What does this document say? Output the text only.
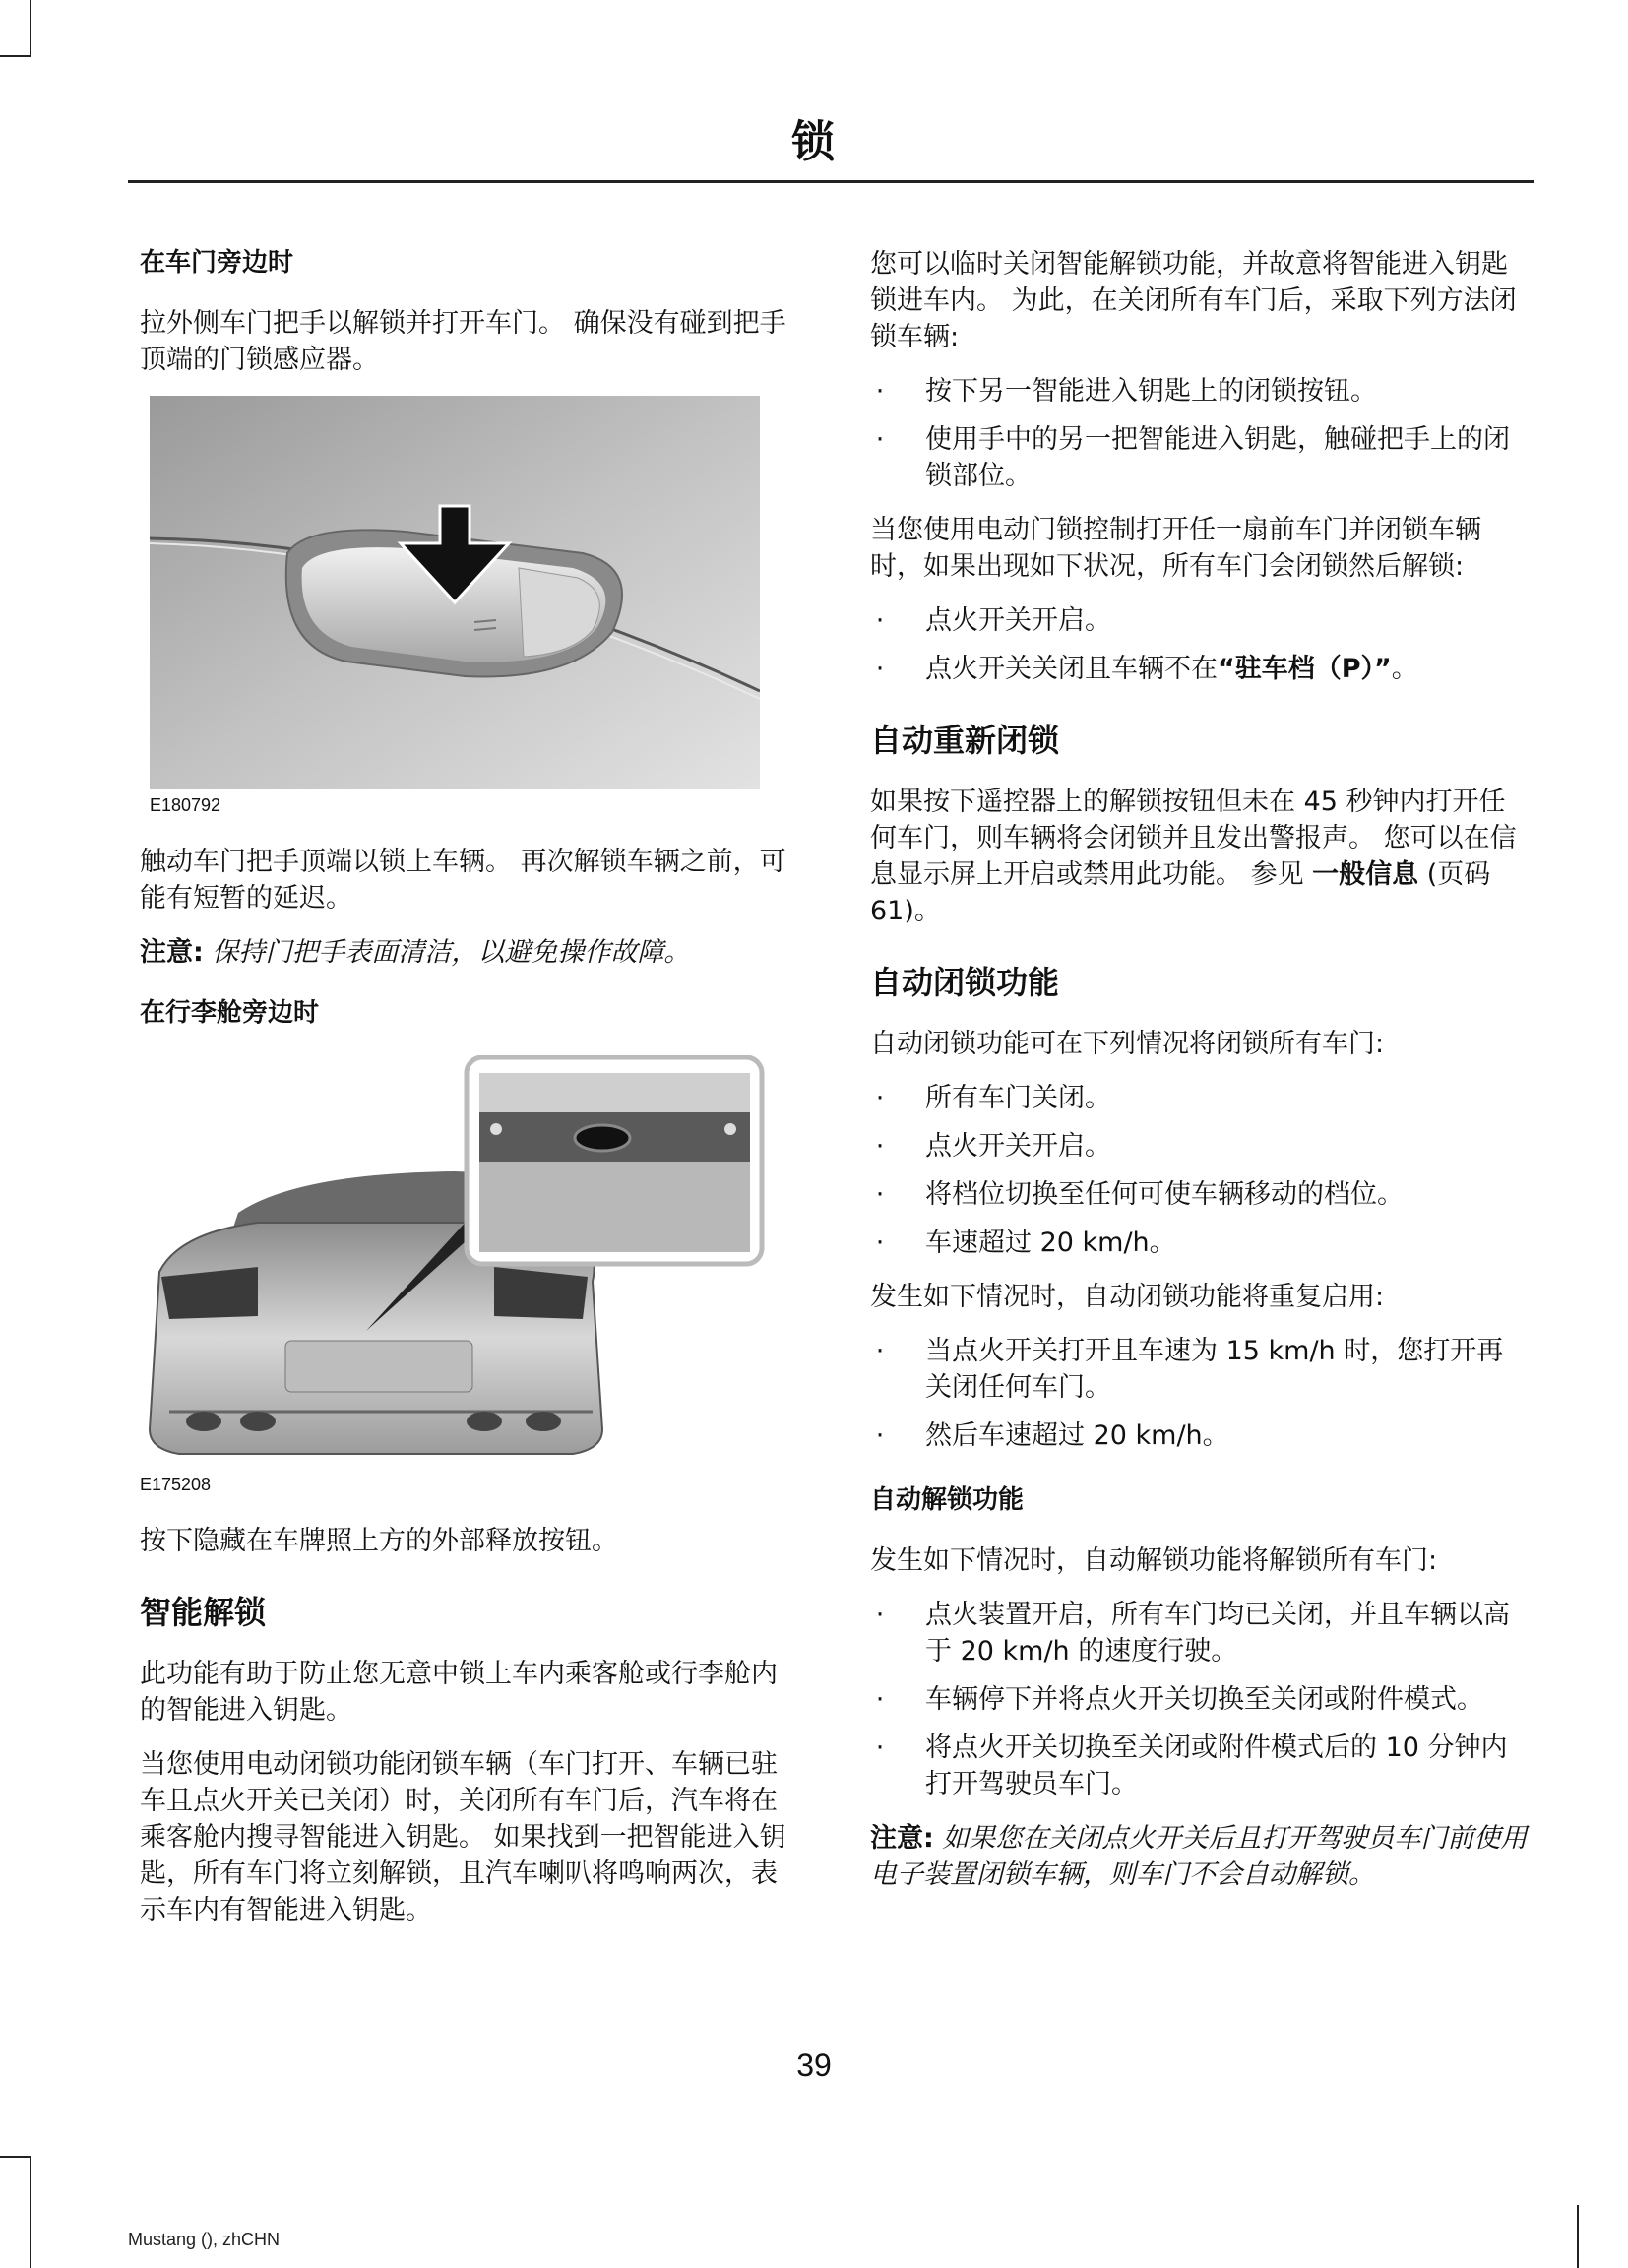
锁
在车门旁边时
拉外侧车门把手以解锁并打开车门。 确保没有碰到把手顶端的门锁感应器。
E180792
触动车门把手顶端以锁上车辆。 再次解锁车辆之前，可能有短暂的延迟。
注意: 保持门把手表面清洁，以避免操作故障。
在行李舱旁边时
E175208
按下隐藏在车牌照上方的外部释放按钮。
智能解锁
此功能有助于防止您无意中锁上车内乘客舱或行李舱内的智能进入钥匙。
当您使用电动闭锁功能闭锁车辆（车门打开、车辆已驻车且点火开关已关闭）时，关闭所有车门后，汽车将在乘客舱内搜寻智能进入钥匙。 如果找到一把智能进入钥匙，所有车门将立刻解锁，且汽车喇叭将鸣响两次，表示车内有智能进入钥匙。
您可以临时关闭智能解锁功能，并故意将智能进入钥匙锁进车内。 为此，在关闭所有车门后，采取下列方法闭锁车辆:
· 按下另一智能进入钥匙上的闭锁按钮。
· 使用手中的另一把智能进入钥匙，触碰把手上的闭锁部位。
当您使用电动门锁控制打开任一扇前车门并闭锁车辆时，如果出现如下状况，所有车门会闭锁然后解锁:
· 点火开关开启。
· 点火开关关闭且车辆不在“驻车档（P）”。
自动重新闭锁
如果按下遥控器上的解锁按钮但未在 45 秒钟内打开任何车门，则车辆将会闭锁并且发出警报声。 您可以在信息显示屏上开启或禁用此功能。 参见 一般信息 (页码 61)。
自动闭锁功能
自动闭锁功能可在下列情况将闭锁所有车门:
· 所有车门关闭。
· 点火开关开启。
· 将档位切换至任何可使车辆移动的档位。
· 车速超过 20 km/h。
发生如下情况时，自动闭锁功能将重复启用:
· 当点火开关打开且车速为 15 km/h 时，您打开再关闭任何车门。
· 然后车速超过 20 km/h。
自动解锁功能
发生如下情况时，自动解锁功能将解锁所有车门:
· 点火装置开启，所有车门均已关闭，并且车辆以高于 20 km/h 的速度行驶。
· 车辆停下并将点火开关切换至关闭或附件模式。
· 将点火开关切换至关闭或附件模式后的 10 分钟内打开驾驶员车门。
注意: 如果您在关闭点火开关后且打开驾驶员车门前使用电子装置闭锁车辆，则车门不会自动解锁。
39
Mustang (), zhCHN
